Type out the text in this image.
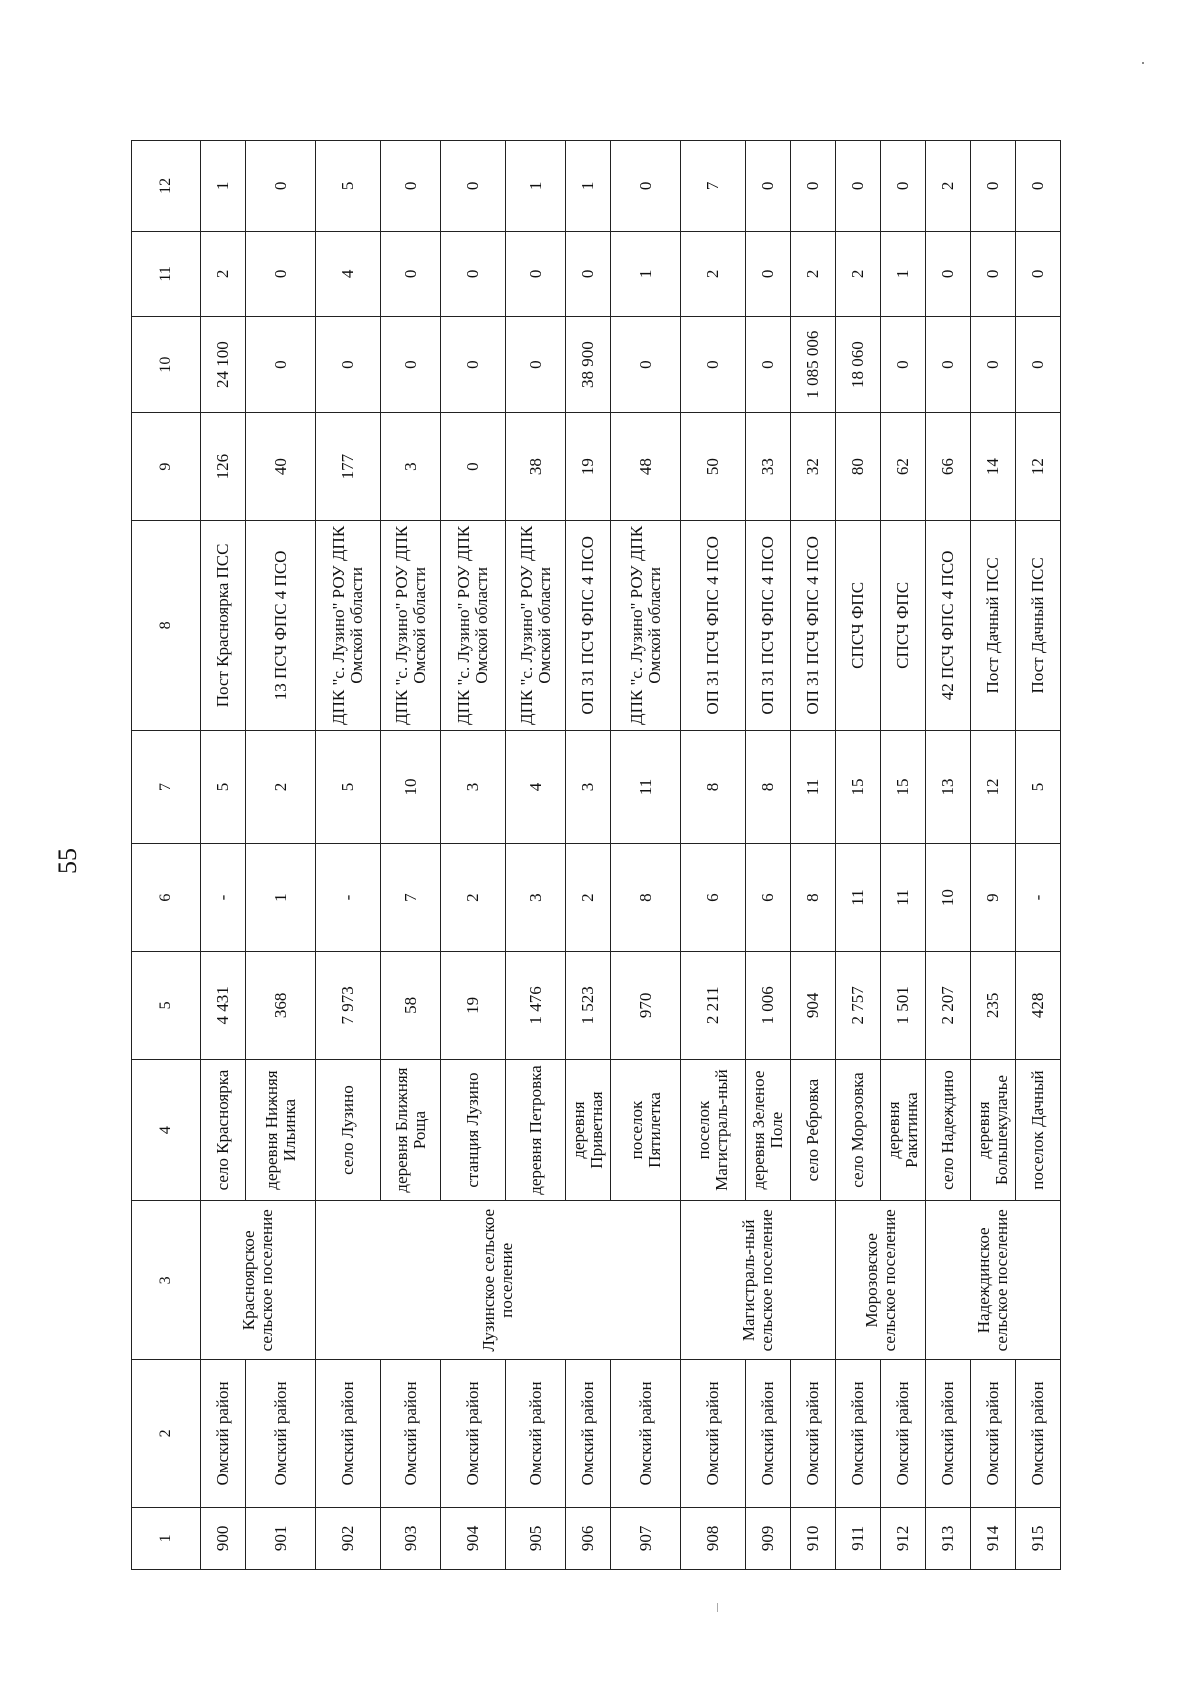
55
1	2	3	4	5	6	7	8	9	10	11	12
900	Омский район	Красноярское сельское поселение	село Красноярка	4 431	-	5	Пост Красноярка ПСС	126	24 100	2	1
901	Омский район		деревня Нижняя Ильинка	368	1	2	13 ПСЧ ФПС 4 ПСО	40	0	0	0
902	Омский район	Лузинское сельское поселение	село Лузино	7 973	-	5	ДПК "с. Лузино" РОУ ДПК Омской области	177	0	4	5
903	Омский район		деревня Ближняя Роща	58	7	10	ДПК "с. Лузино" РОУ ДПК Омской области	3	0	0	0
904	Омский район		станция Лузино	19	2	3	ДПК "с. Лузино" РОУ ДПК Омской области	0	0	0	0
905	Омский район		деревня Петровка	1 476	3	4	ДПК "с. Лузино" РОУ ДПК Омской области	38	0	0	1
906	Омский район		деревня Приветная	1 523	2	3	ОП 31 ПСЧ ФПС 4 ПСО	19	38 900	0	1
907	Омский район		поселок Пятилетка	970	8	11	ДПК "с. Лузино" РОУ ДПК Омской области	48	0	1	0
908	Омский район	Магистраль-ный сельское поселение	поселок Магистраль-ный	2 211	6	8	ОП 31 ПСЧ ФПС 4 ПСО	50	0	2	7
909	Омский район		деревня Зеленое Поле	1 006	6	8	ОП 31 ПСЧ ФПС 4 ПСО	33	0	0	0
910	Омский район		село Ребровка	904	8	11	ОП 31 ПСЧ ФПС 4 ПСО	32	1 085 006	2	0
911	Омский район	Морозовское сельское поселение	село Морозовка	2 757	11	15	СПСЧ ФПС	80	18 060	2	0
912	Омский район		деревня Ракитинка	1 501	11	15	СПСЧ ФПС	62	0	1	0
913	Омский район	Надеждинское сельское поселение	село Надеждино	2 207	10	13	42 ПСЧ ФПС 4 ПСО	66	0	0	2
914	Омский район		деревня Большекулачье	235	9	12	Пост Дачный ПСС	14	0	0	0
915	Омский район		поселок Дачный	428	-	5	Пост Дачный ПСС	12	0	0	0
